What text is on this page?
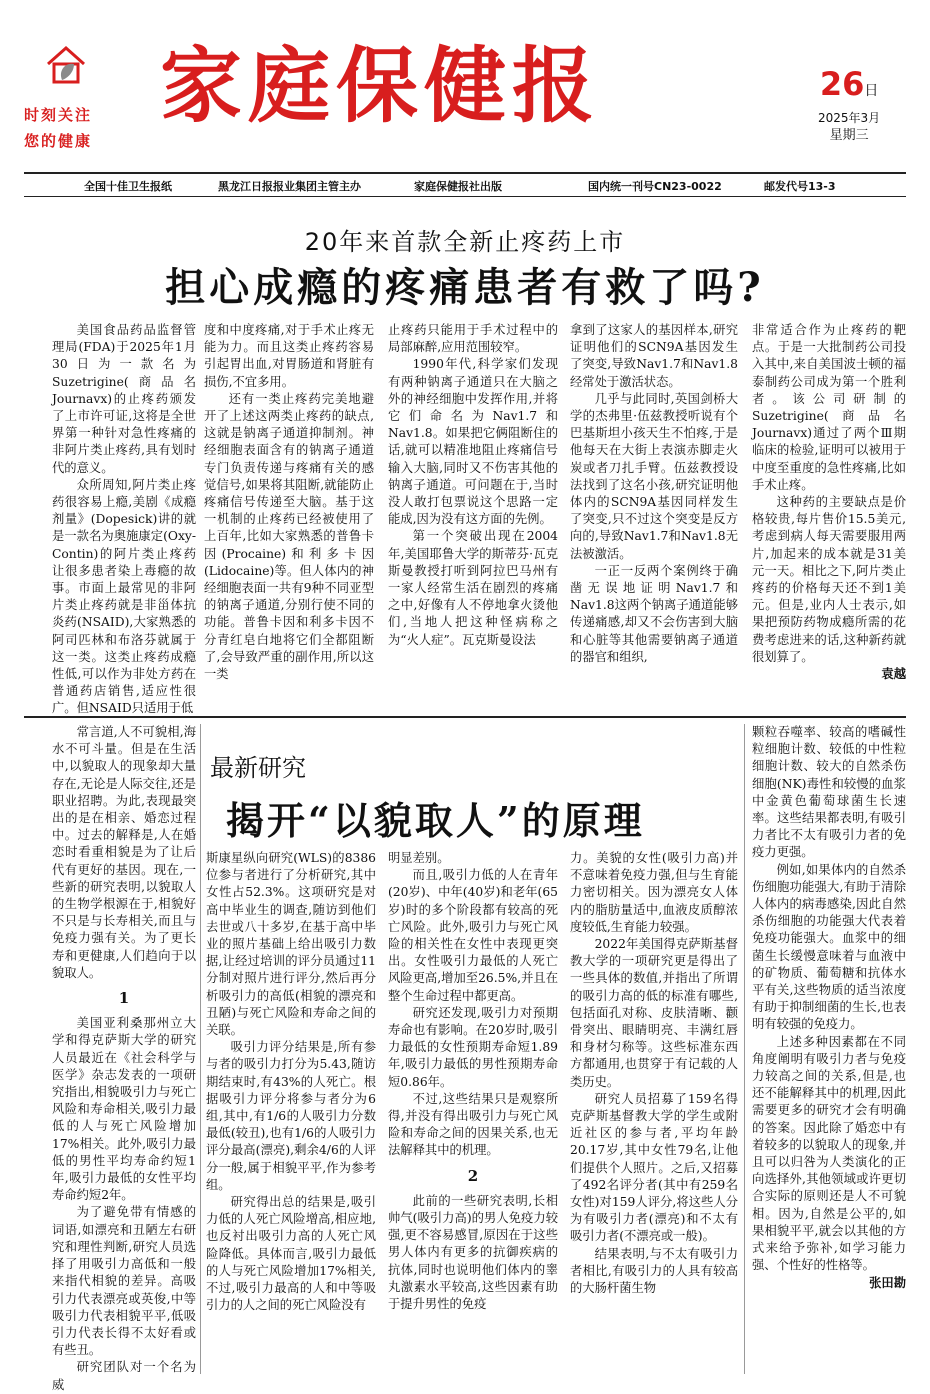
时刻关注
您的健康
家庭保健报	26日
2025年3月
星期三
全国十佳卫生报纸	黑龙江日报报业集团主管主办	家庭保健报社出版	国内统一刊号CN23-0022	邮发代号13-3
20年来首款全新止疼药上市
担心成瘾的疼痛患者有救了吗?

美国食品药品监督管理局(FDA)于2025年1月30日为一款名为Suzetrigine(商品名Journavx)的止疼药颁发了上市许可证,这将是全世界第一种针对急性疼痛的非阿片类止疼药,具有划时代的意义。

众所周知,阿片类止疼药很容易上瘾,美剧《成瘾剂量》(Dopesick)讲的就是一款名为奥施康定(Oxy-Contin)的阿片类止疼药让很多患者染上毒瘾的故事。市面上最常见的非阿片类止疼药就是非甾体抗炎药(NSAID),大家熟悉的阿司匹林和布洛芬就属于这一类。这类止疼药成瘾性低,可以作为非处方药在普通药店销售,适应性很广。但NSAID只适用于低

度和中度疼痛,对于手术止疼无能为力。而且这类止疼药容易引起胃出血,对胃肠道和肾脏有损伤,不宜多用。

还有一类止疼药完美地避开了上述这两类止疼药的缺点,这就是钠离子通道抑制剂。神经细胞表面含有的钠离子通道专门负责传递与疼痛有关的感觉信号,如果将其阻断,就能防止疼痛信号传递至大脑。基于这一机制的止疼药已经被使用了上百年,比如大家熟悉的普鲁卡因(Procaine)和利多卡因(Lidocaine)等。但人体内的神经细胞表面一共有9种不同亚型的钠离子通道,分别行使不同的功能。普鲁卡因和利多卡因不分青红皂白地将它们全都阻断了,会导致严重的副作用,所以这一类

止疼药只能用于手术过程中的局部麻醉,应用范围较窄。

1990年代,科学家们发现有两种钠离子通道只在大脑之外的神经细胞中发挥作用,并将它们命名为Nav1.7和Nav1.8。如果把它俩阻断住的话,就可以精准地阻止疼痛信号输入大脑,同时又不伤害其他的钠离子通道。可问题在于,当时没人敢打包票说这个思路一定能成,因为没有这方面的先例。

第一个突破出现在2004年,美国耶鲁大学的斯蒂芬·瓦克斯曼教授打听到阿拉巴马州有一家人经常生活在剧烈的疼痛之中,好像有人不停地拿火烫他们,当地人把这种怪病称之为“火人症”。瓦克斯曼设法

拿到了这家人的基因样本,研究证明他们的SCN9A基因发生了突变,导致Nav1.7和Nav1.8经常处于激活状态。

几乎与此同时,英国剑桥大学的杰弗里·伍兹教授听说有个巴基斯坦小孩天生不怕疼,于是他每天在大街上表演赤脚走火炭或者刀扎手臂。伍兹教授设法找到了这名小孩,研究证明他体内的SCN9A基因同样发生了突变,只不过这个突变是反方向的,导致Nav1.7和Nav1.8无法被激活。

一正一反两个案例终于确凿无误地证明Nav1.7和Nav1.8这两个钠离子通道能够传递痛感,却又不会伤害到大脑和心脏等其他需要钠离子通道的器官和组织,

非常适合作为止疼药的靶点。于是一大批制药公司投入其中,来自美国波士顿的福泰制药公司成为第一个胜利者。该公司研制的Suzetrigine(商品名Journavx)通过了两个Ⅲ期临床的检验,证明可以被用于中度至重度的急性疼痛,比如手术止疼。

这种药的主要缺点是价格较贵,每片售价15.5美元,考虑到病人每天需要服用两片,加起来的成本就是31美元一天。相比之下,阿片类止疼药的价格每天还不到1美元。但是,业内人士表示,如果把预防药物成瘾所需的花费考虑进来的话,这种新药就很划算了。

袁越

常言道,人不可貌相,海水不可斗量。但是在生活中,以貌取人的现象却大量存在,无论是人际交往,还是职业招聘。为此,表现最突出的是在相亲、婚恋过程中。过去的解释是,人在婚恋时看重相貌是为了让后代有更好的基因。现在,一些新的研究表明,以貌取人的生物学根源在于,相貌好不只是与长寿相关,而且与免疫力强有关。为了更长寿和更健康,人们趋向于以貌取人。

1

美国亚利桑那州立大学和得克萨斯大学的研究人员最近在《社会科学与医学》杂志发表的一项研究指出,相貌吸引力与死亡风险和寿命相关,吸引力最低的人与死亡风险增加17%相关。此外,吸引力最低的男性平均寿命约短1年,吸引力最低的女性平均寿命约短2年。

为了避免带有情感的词语,如漂亮和丑陋左右研究和理性判断,研究人员选择了用吸引力高低和一般来指代相貌的差异。高吸引力代表漂亮或英俊,中等吸引力代表相貌平平,低吸引力代表长得不太好看或有些丑。

研究团队对一个名为威

最新研究
揭开“以貌取人”的原理

斯康星纵向研究(WLS)的8386位参与者进行了分析研究,其中女性占52.3%。这项研究是对高中毕业生的调查,随访到他们去世或八十多岁,在基于高中毕业的照片基础上给出吸引力数据,让经过培训的评分员通过11分制对照片进行评分,然后再分析吸引力的高低(相貌的漂亮和丑陋)与死亡风险和寿命之间的关联。

吸引力评分结果是,所有参与者的吸引力打分为5.43,随访期结束时,有43%的人死亡。根据吸引力评分将参与者分为6组,其中,有1/6的人吸引力分数最低(较丑),也有1/6的人吸引力评分最高(漂亮),剩余4/6的人评分一般,属于相貌平平,作为参考组。

研究得出总的结果是,吸引力低的人死亡风险增高,相应地,也反衬出吸引力高的人死亡风险降低。具体而言,吸引力最低的人与死亡风险增加17%相关,不过,吸引力最高的人和中等吸引力的人之间的死亡风险没有

明显差别。

而且,吸引力低的人在青年(20岁)、中年(40岁)和老年(65岁)时的多个阶段都有较高的死亡风险。此外,吸引力与死亡风险的相关性在女性中表现更突出。女性吸引力最低的人死亡风险更高,增加至26.5%,并且在整个生命过程中都更高。

研究还发现,吸引力对预期寿命也有影响。在20岁时,吸引力最低的女性预期寿命短1.89年,吸引力最低的男性预期寿命短0.86年。

不过,这些结果只是观察所得,并没有得出吸引力与死亡风险和寿命之间的因果关系,也无法解释其中的机理。

2

此前的一些研究表明,长相帅气(吸引力高)的男人免疫力较强,更不容易感冒,原因在于这些男人体内有更多的抗御疾病的抗体,同时也说明他们体内的睾丸激素水平较高,这些因素有助于提升男性的免疫

力。美貌的女性(吸引力高)并不意味着免疫力强,但与生育能力密切相关。因为漂亮女人体内的脂肪量适中,血液皮质醇浓度较低,生育能力较强。

2022年美国得克萨斯基督教大学的一项研究更是得出了一些具体的数值,并指出了所谓的吸引力高的低的标准有哪些,包括面孔对称、皮肤清晰、颧骨突出、眼睛明亮、丰满红唇和身材匀称等。这些标准东西方都通用,也贯穿于有记载的人类历史。

研究人员招募了159名得克萨斯基督教大学的学生或附近社区的参与者,平均年龄20.17岁,其中女性79名,让他们提供个人照片。之后,又招募了492名评分者(其中有259名女性)对159人评分,将这些人分为有吸引力者(漂亮)和不太有吸引力者(不漂亮或一般)。

结果表明,与不太有吸引力者相比,有吸引力的人具有较高的大肠杆菌生物

颗粒吞噬率、较高的嗜碱性粒细胞计数、较低的中性粒细胞计数、较大的自然杀伤细胞(NK)毒性和较慢的血浆中金黄色葡萄球菌生长速率。这些结果都表明,有吸引力者比不太有吸引力者的免疫力更强。

例如,如果体内的自然杀伤细胞功能强大,有助于清除人体内的病毒感染,因此自然杀伤细胞的功能强大代表着免疫功能强大。血浆中的细菌生长缓慢意味着与血液中的矿物质、葡萄糖和抗体水平有关,这些物质的适当浓度有助于抑制细菌的生长,也表明有较强的免疫力。

上述多种因素都在不同角度阐明有吸引力者与免疫力较高之间的关系,但是,也还不能解释其中的机理,因此需要更多的研究才会有明确的答案。因此除了婚恋中有着较多的以貌取人的现象,并且可以归咎为人类演化的正向选择外,其他领域或许更切合实际的原则还是人不可貌相。因为,自然是公平的,如果相貌平平,就会以其他的方式来给予弥补,如学习能力强、个性好的性格等。

张田勘
